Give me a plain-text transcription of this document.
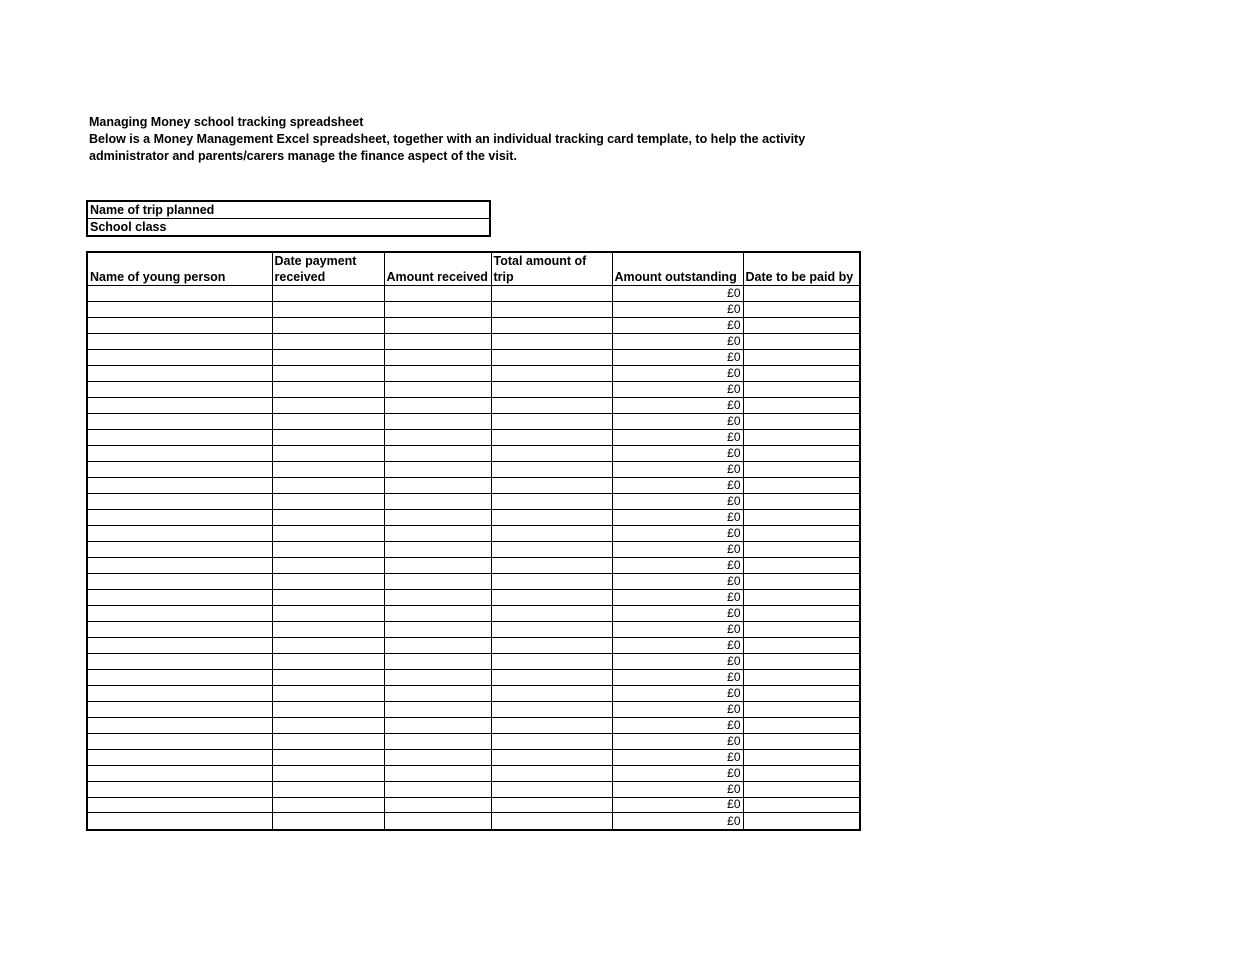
Managing Money school tracking spreadsheet
Below is a Money Management Excel spreadsheet, together with an individual tracking card template, to help the activity
administrator and parents/carers manage the finance aspect of the visit.
Name of trip planned
School class
Name of young person	Date payment received	Amount received	Total amount of trip	Amount outstanding	Date to be paid by
				£0	
				£0	
				£0	
				£0	
				£0	
				£0	
				£0	
				£0	
				£0	
				£0	
				£0	
				£0	
				£0	
				£0	
				£0	
				£0	
				£0	
				£0	
				£0	
				£0	
				£0	
				£0	
				£0	
				£0	
				£0	
				£0	
				£0	
				£0	
				£0	
				£0	
				£0	
				£0	
				£0	
				£0	
